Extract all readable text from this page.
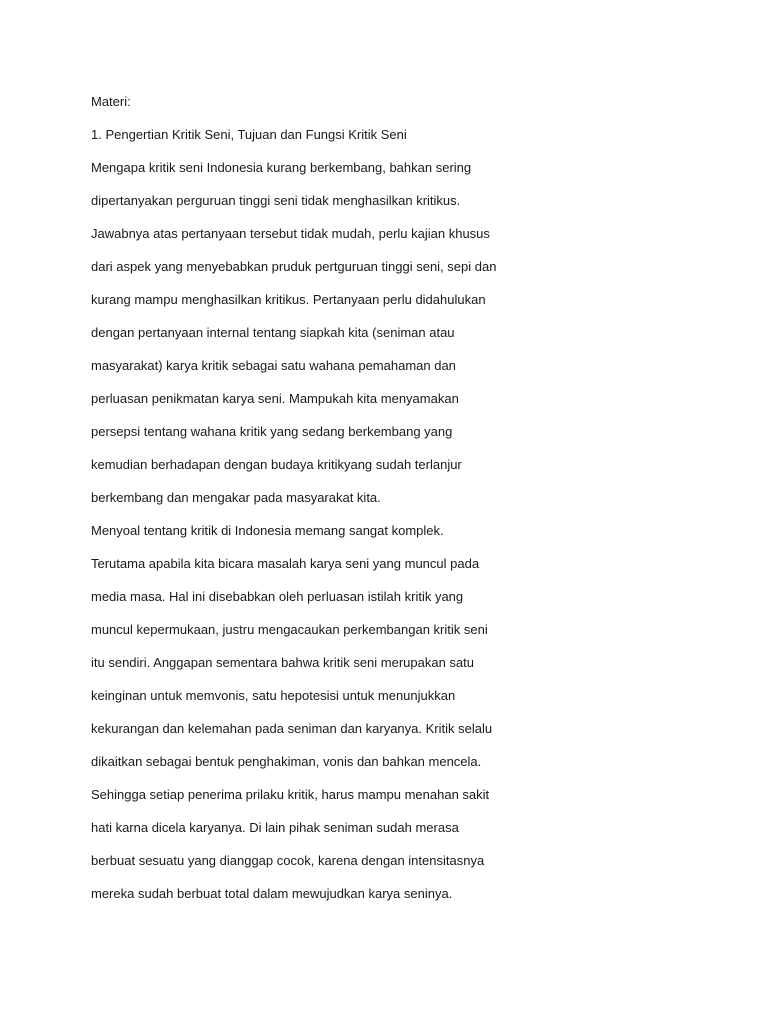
Materi:
1. Pengertian Kritik Seni, Tujuan dan Fungsi Kritik Seni
Mengapa kritik seni Indonesia kurang berkembang, bahkan sering
dipertanyakan perguruan tinggi seni tidak menghasilkan kritikus.
Jawabnya atas pertanyaan tersebut tidak mudah, perlu kajian khusus
dari aspek yang menyebabkan pruduk pertguruan tinggi seni, sepi dan
kurang mampu menghasilkan kritikus. Pertanyaan perlu didahulukan
dengan pertanyaan internal tentang siapkah kita (seniman atau
masyarakat) karya kritik sebagai satu wahana pemahaman dan
perluasan penikmatan karya seni. Mampukah kita menyamakan
persepsi tentang wahana kritik yang sedang berkembang yang
kemudian berhadapan dengan budaya kritikyang sudah terlanjur
berkembang dan mengakar pada masyarakat kita.
Menyoal tentang kritik di Indonesia memang sangat komplek.
Terutama apabila kita bicara masalah karya seni yang muncul pada
media masa. Hal ini disebabkan oleh perluasan istilah kritik yang
muncul kepermukaan, justru mengacaukan perkembangan kritik seni
itu sendiri. Anggapan sementara bahwa kritik seni merupakan satu
keinginan untuk memvonis, satu hepotesisi untuk menunjukkan
kekurangan dan kelemahan pada seniman dan karyanya. Kritik selalu
dikaitkan sebagai bentuk penghakiman, vonis dan bahkan mencela.
Sehingga setiap penerima prilaku kritik, harus mampu menahan sakit
hati karna dicela karyanya. Di lain pihak seniman sudah merasa
berbuat sesuatu yang dianggap cocok, karena dengan intensitasnya
mereka sudah berbuat total dalam mewujudkan karya seninya.
